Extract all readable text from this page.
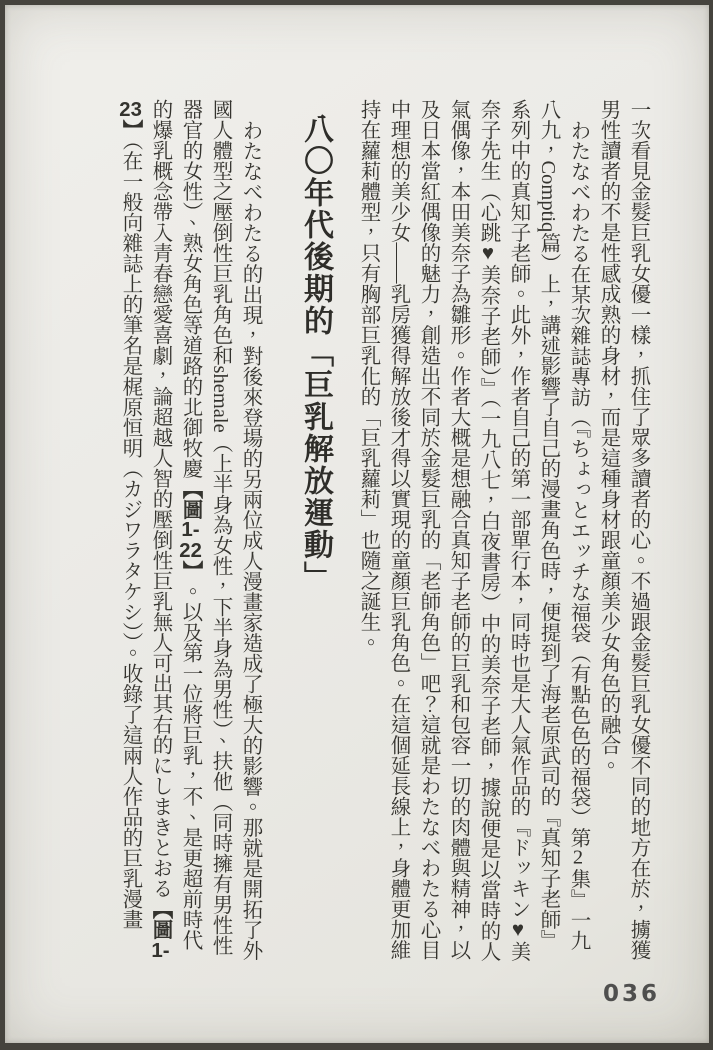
一次看見金髮巨乳女優一樣，抓住了眾多讀者的心。不過跟金髮巨乳女優不同的地方在於，擄獲男性讀者的不是性感成熟的身材，而是這種身材跟童顏美少女角色的融合。

わたなべわたる在某次雜誌專訪（『ちょっとエッチな福袋（有點色色的福袋）第2集』一九八九，Comptiq篇）上，講述影響了自己的漫畫角色時，便提到了海老原武司的『真知子老師』系列中的真知子老師。此外，作者自己的第一部單行本，同時也是大人氣作品的『ドッキン♥美奈子先生（心跳♥美奈子老師）』（一九八七，白夜書房）中的美奈子老師，據說便是以當時的人氣偶像，本田美奈子為雛形。作者大概是想融合真知子老師的巨乳和包容一切的肉體與精神，以及日本當紅偶像的魅力，創造出不同於金髮巨乳的「老師角色」吧？這就是わたなべわたる心目中理想的美少女——乳房獲得解放後才得以實現的童顏巨乳角色。在這個延長線上，身體更加維持在蘿莉體型，只有胸部巨乳化的「巨乳蘿莉」也隨之誕生。

八〇年代後期的「巨乳解放運動」

わたなべわたる的出現，對後來登場的另兩位成人漫畫家造成了極大的影響。那就是開拓了外國人體型之壓倒性巨乳角色和shemale（上半身為女性，下半身為男性）、扶他（同時擁有男性性器官的女性）、熟女角色等道路的北御牧慶【圖1-22】。以及第一位將巨乳，不、是更超前時代的爆乳概念帶入青春戀愛喜劇，論超越人智的壓倒性巨乳無人可出其右的にしまきとおる【圖1-23】（在一般向雜誌上的筆名是梶原恒明（カジワラタケシ））。收錄了這兩人作品的巨乳漫畫

036
